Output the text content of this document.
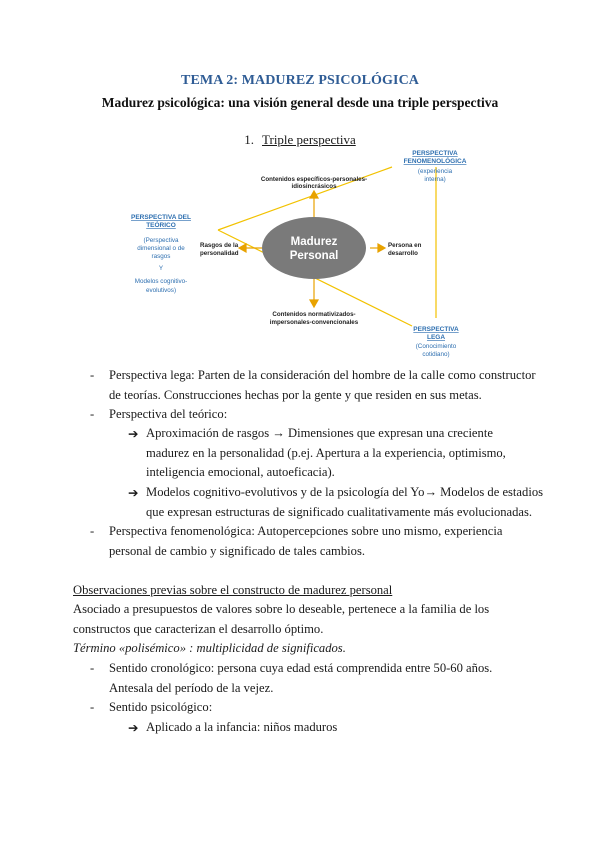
TEMA 2: MADUREZ PSICOLÓGICA
Madurez psicológica: una visión general desde una triple perspectiva
1. Triple perspectiva
Madurez
Personal
Contenidos específicos-personales-
idiosincrásicos
Contenidos normativizados-
impersonales-convencionales
Rasgos de la
personalidad
Persona en
desarrollo
PERSPECTIVA
FENOMENOLÓGICA
(experiencia
interna)
PERSPECTIVA DEL
TEÓRICO
(Perspectiva
dimensional o de
rasgos
Y
Modelos cognitivo-
evolutivos)
PERSPECTIVA
LEGA
(Conocimiento
cotidiano)
- Perspectiva lega: Parten de la consideración del hombre de la calle como constructor
de teorías. Construcciones hechas por la gente y que residen en sus metas.
- Perspectiva del teórico:
➔ Aproximación de rasgos → Dimensiones que expresan una creciente
madurez en la personalidad (p.ej. Apertura a la experiencia, optimismo,
inteligencia emocional, autoeficacia).
➔ Modelos cognitivo-evolutivos y de la psicología del Yo→ Modelos de estadios
que expresan estructuras de significado cualitativamente más evolucionadas.
- Perspectiva fenomenológica: Autopercepciones sobre uno mismo, experiencia
personal de cambio y significado de tales cambios.
Observaciones previas sobre el constructo de madurez personal
Asociado a presupuestos de valores sobre lo deseable, pertenece a la familia de los
constructos que caracterizan el desarrollo óptimo.
Término «polisémico» : multiplicidad de significados.
- Sentido cronológico: persona cuya edad está comprendida entre 50-60 años.
Antesala del período de la vejez.
- Sentido psicológico:
➔ Aplicado a la infancia: niños maduros
